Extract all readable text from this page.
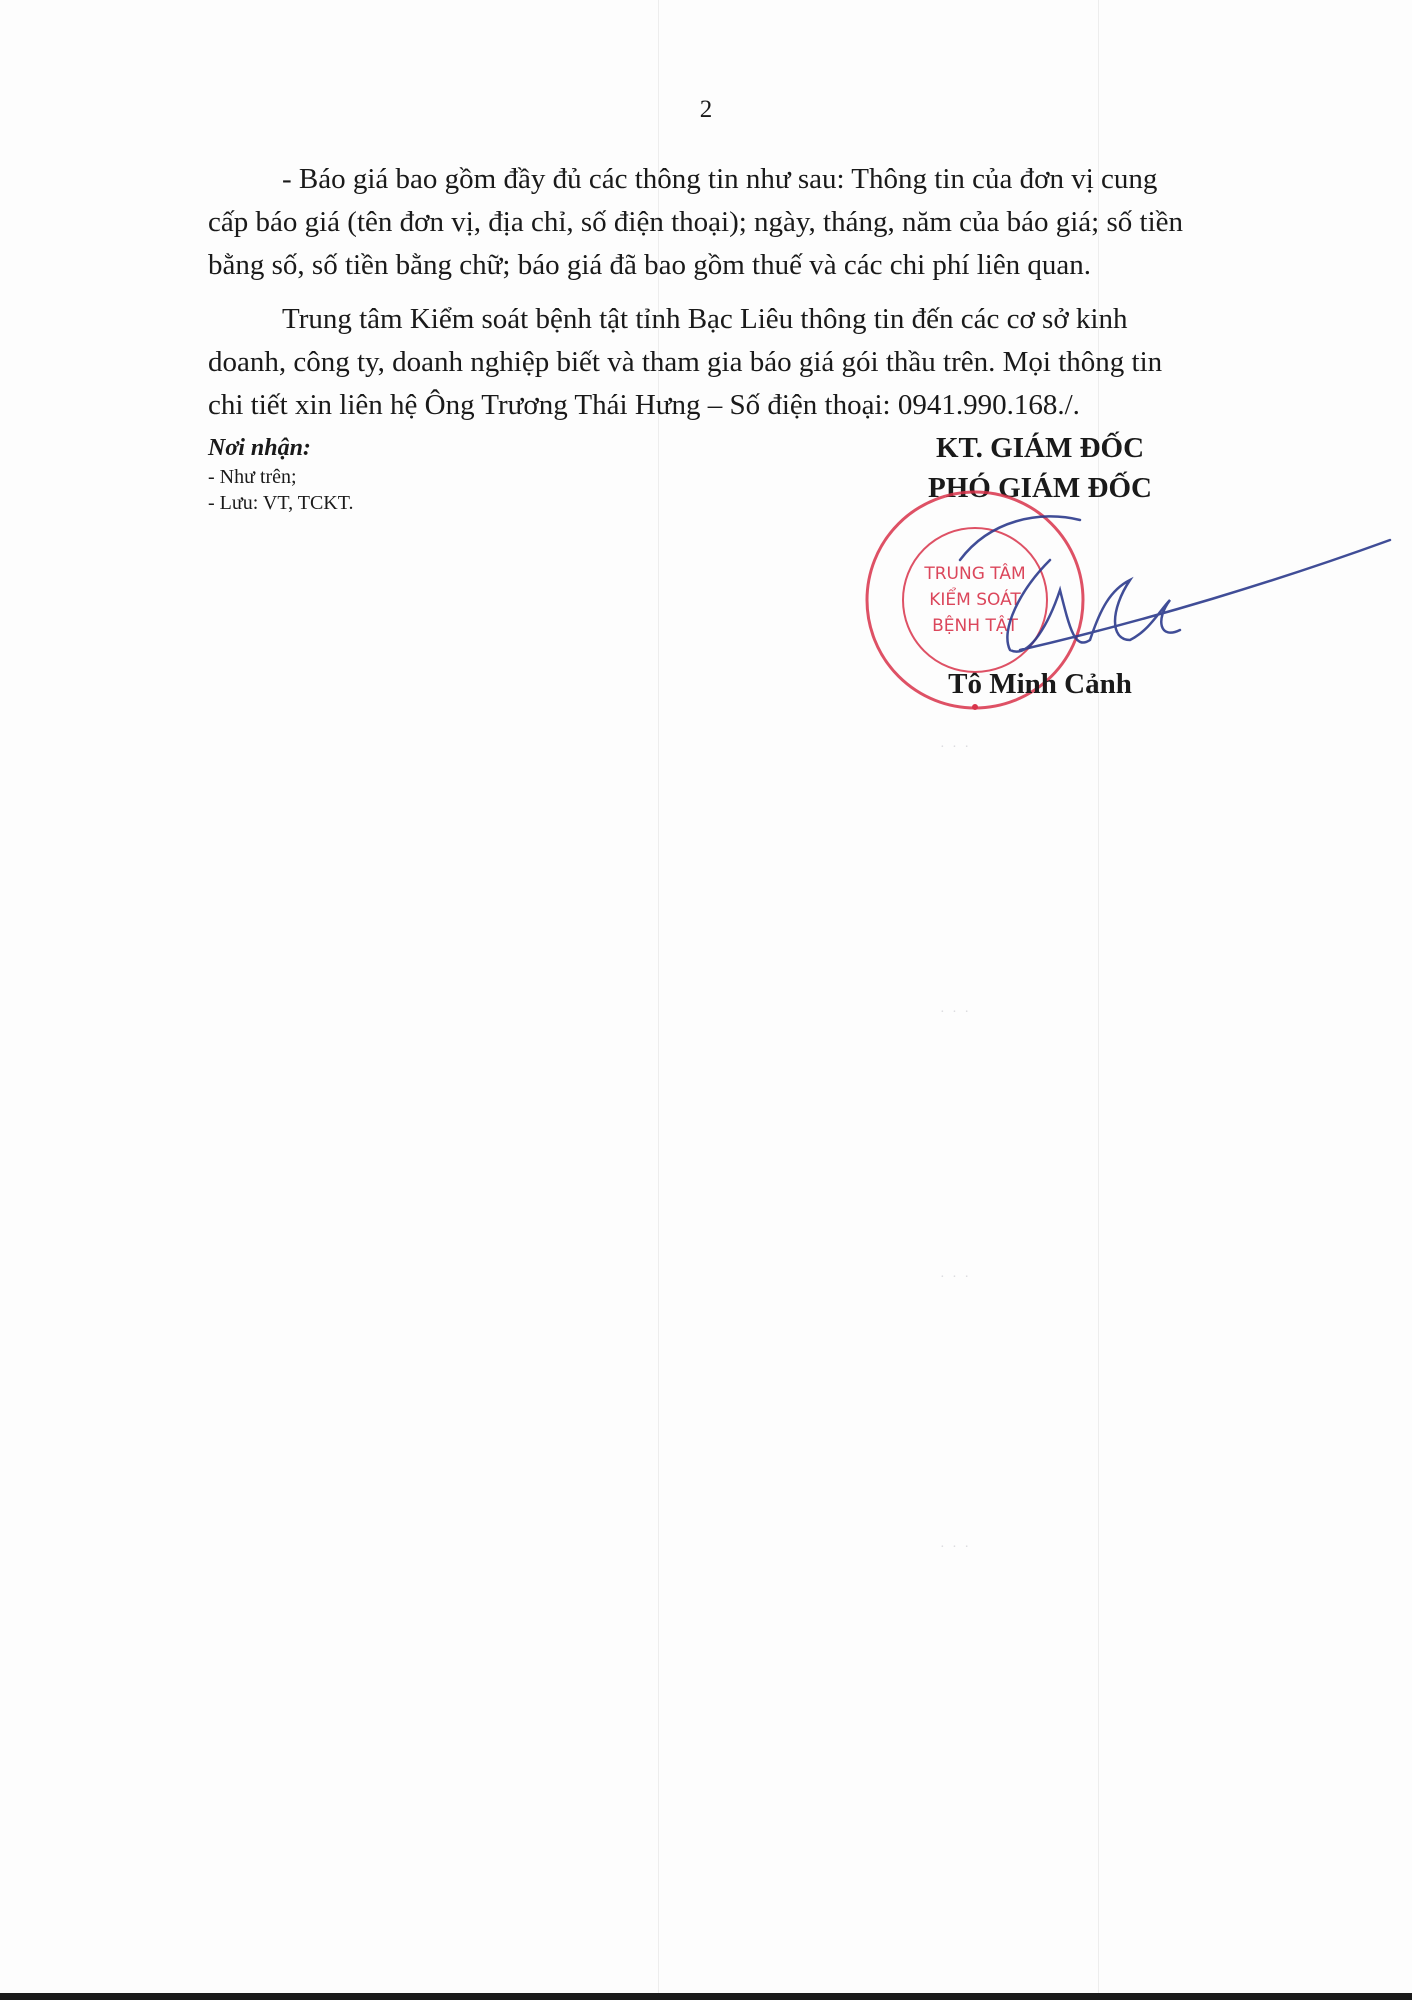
2
- Báo giá bao gồm đầy đủ các thông tin như sau: Thông tin của đơn vị cung
cấp báo giá (tên đơn vị, địa chỉ, số điện thoại); ngày, tháng, năm của báo giá; số tiền
bằng số, số tiền bằng chữ; báo giá đã bao gồm thuế và các chi phí liên quan.
Trung tâm Kiểm soát bệnh tật tỉnh Bạc Liêu thông tin đến các cơ sở kinh
doanh, công ty, doanh nghiệp biết và tham gia báo giá gói thầu trên. Mọi thông tin
chi tiết xin liên hệ Ông Trương Thái Hưng – Số điện thoại: 0941.990.168./.
Nơi nhận:
- Như trên;
- Lưu: VT, TCKT.
KT. GIÁM ĐỐC
PHÓ GIÁM ĐỐC
TRUNG TÂM
KIỂM SOÁT
BỆNH TẬT
Tô Minh Cảnh
· · ·
· · ·
· · ·
· · ·
